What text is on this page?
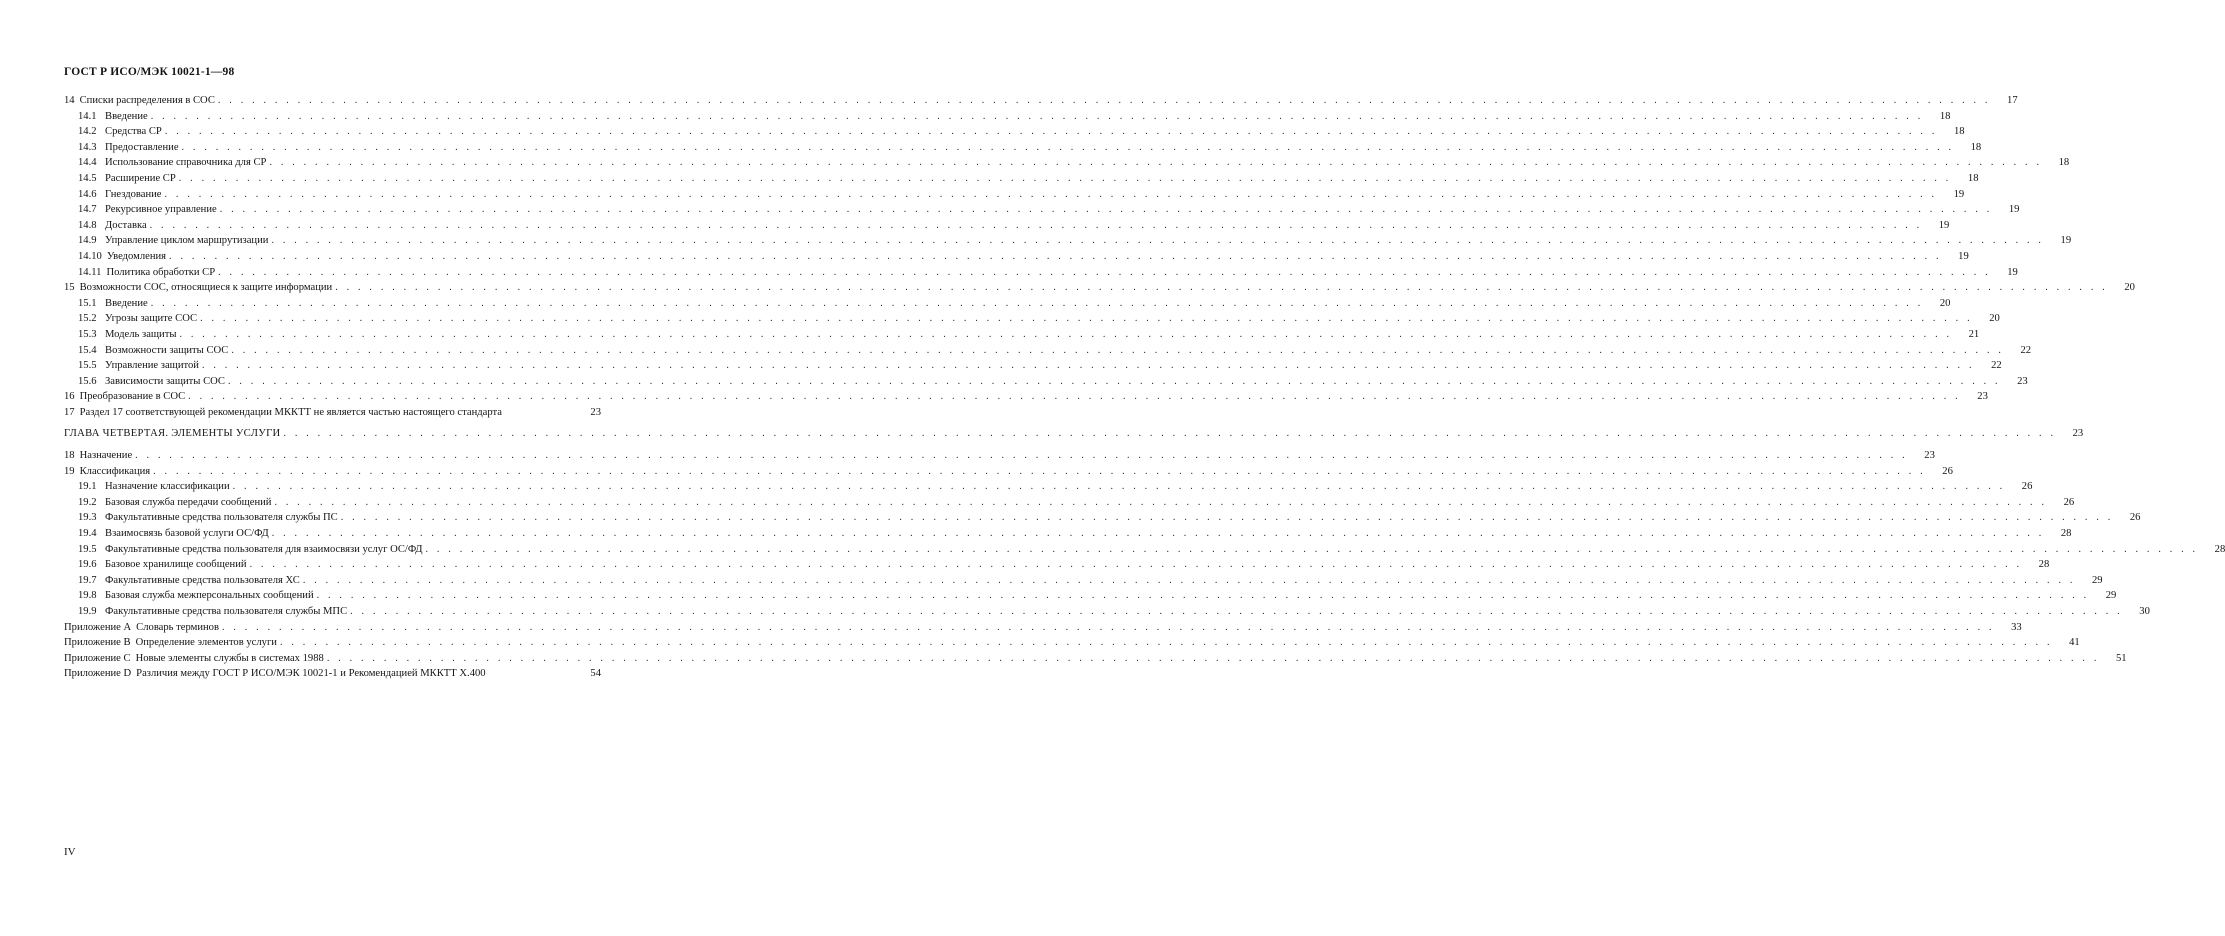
ГОСТ Р ИСО/МЭК 10021-1—98
14 Списки распределения в СОС . . .	17
14.1 Введение . . .	18
14.2 Средства СР . . .	18
14.3 Предоставление . . .	18
14.4 Использование справочника для СР . . .	18
14.5 Расширение СР . . .	18
14.6 Гнездование . . .	19
14.7 Рекурсивное управление . . .	19
14.8 Доставка . . .	19
14.9 Управление циклом маршрутизации . . .	19
14.10 Уведомления . . .	19
14.11 Политика обработки СР . . .	19
15 Возможности СОС, относящиеся к защите информации . . .	20
15.1 Введение . . .	20
15.2 Угрозы защите СОС . . .	20
15.3 Модель защиты . . .	21
15.4 Возможности защиты СОС . . .	22
15.5 Управление защитой . . .	22
15.6 Зависимости защиты СОС . . .	23
16 Преобразование в СОС . . .	23
17 Раздел 17 соответствующей рекомендации МККТТ не является частью настоящего стандарта	23
ГЛАВА ЧЕТВЕРТАЯ. ЭЛЕМЕНТЫ УСЛУГИ . . .	23
18 Назначение . . .	23
19 Классификация . . .	26
19.1 Назначение классификации . . .	26
19.2 Базовая служба передачи сообщений . . .	26
19.3 Факультативные средства пользователя службы ПС . . .	26
19.4 Взаимосвязь базовой услуги ОС/ФД . . .	28
19.5 Факультативные средства пользователя для взаимосвязи услуг ОС/ФД . . .	28
19.6 Базовое хранилище сообщений . . .	28
19.7 Факультативные средства пользователя ХС . . .	29
19.8 Базовая служба межперсональных сообщений . . .	29
19.9 Факультативные средства пользователя службы МПС . . .	30
Приложение А Словарь терминов . . .	33
Приложение В Определение элементов услуги . . .	41
Приложение С Новые элементы службы в системах 1988 . . .	51
Приложение D Различия между ГОСТ Р ИСО/МЭК 10021-1 и Рекомендацией МККТТ Х.400	54
IV
